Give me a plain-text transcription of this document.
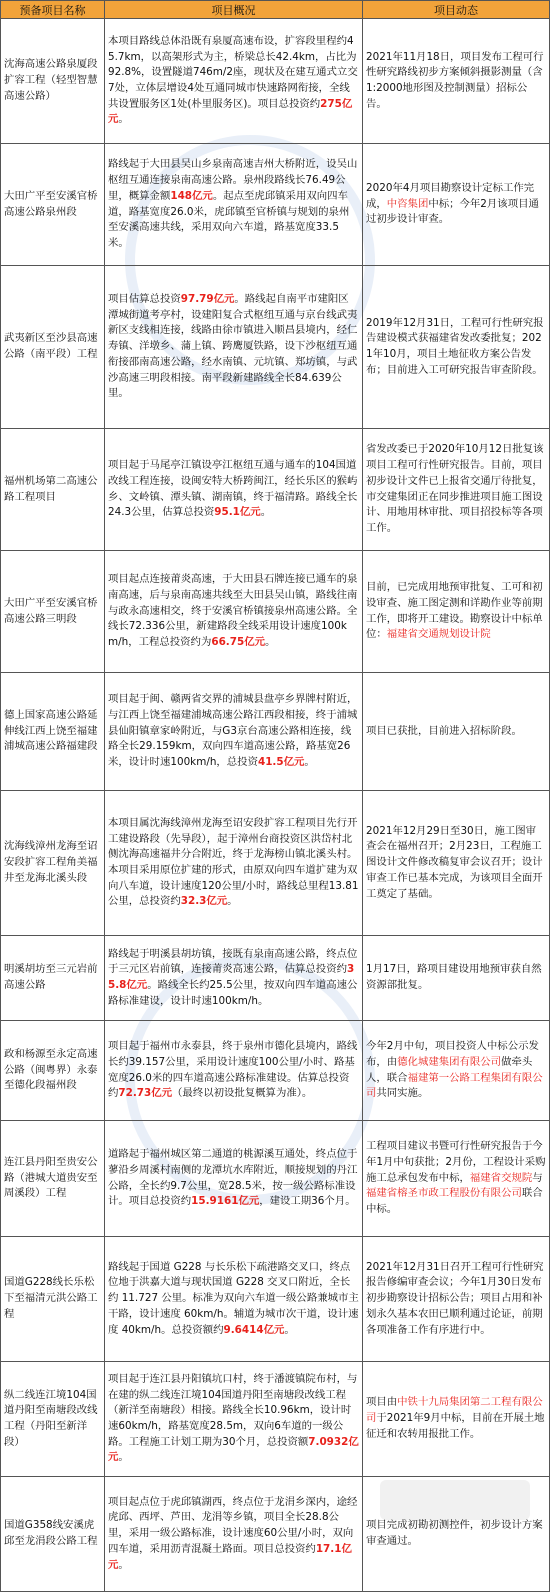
预备项目名称	项目概况	项目动态
沈海高速公路泉厦段扩容工程（轻型智慧高速公路）	本项目路线总体沿既有泉厦高速布设，扩容段里程约45.7km，以高架形式为主，桥梁总长42.4km，占比为92.8%，设置隧道746m/2座，现状及在建互通式立交7处，立体层增设4处互通同城市快速路网衔接，全线共设置服务区1处(朴里服务区)。项目总投资约275亿元。	2021年11月18日，项目发布工程可行性研究路线初步方案倾斜摄影测量（含1:2000地形图及控制测量）招标公告。
大田广平至安溪官桥高速公路泉州段	路线起于大田县吴山乡泉南高速吉州大桥附近，设吴山枢纽互通连接泉南高速公路。泉州段路线长76.49公里，概算金额148亿元。起点至虎邱镇采用双向四车道，路基宽度26.0米，虎邱镇至官桥镇与规划的泉州至安溪高速共线，采用双向六车道，路基宽度33.5米。	2020年4月项目勘察设计定标工作完成，中咨集团中标；今年2月该项目通过初步设计审查。
武夷新区至沙县高速公路（南平段）工程	项目估算总投资97.79亿元。路线起自南平市建阳区潭城街道考亭村，设建阳复合式枢纽互通与京台线武夷新区支线相连接，线路由徐市镇进入顺昌县境内，经仁寿镇、洋墩乡、蒲上镇、跨鹰厦铁路，设下沙枢纽互通衔接邵南高速公路，经水南镇、元坑镇、郑坊镇，与武沙高速三明段相接。南平段新建路线全长84.639公里。	2019年12月31日，工程可行性研究报告建设模式获福建省发改委批复；2021年10月，项目土地征收方案公告发布；目前进入工可研究报告审查阶段。
福州机场第二高速公路工程项目	项目起于马尾亭江镇设亭江枢纽互通与通车的104国道改线工程连接，设闽安特大桥跨闽江，经长乐区的猴屿乡、文岭镇、潭头镇、湖南镇，终于福清路。路线全长24.3公里，估算总投资95.1亿元。	省发改委已于2020年10月12日批复该项目工程可行性研究报告。目前，项目初步设计文件已上报省交通厅待批复，市交建集团正在同步推进项目施工图设计、用地用林审批、项目招投标等各项工作。
大田广平至安溪官桥高速公路三明段	项目起点连接莆炎高速，于大田县石牌连接已通车的泉南高速，后与泉南高速共线至大田县吴山镇，路线往南与政永高速相交，终于安溪官桥镇接泉州高速公路。全线长72.336公里，新建路段全线采用设计速度100km/h，工程总投资约为66.75亿元。	目前，已完成用地预审批复、工可和初设审查、施工图定测和详勘作业等前期工作，即将开工建设。勘察设计中标单位：福建省交通规划设计院
德上国家高速公路延伸线江西上饶至福建浦城高速公路福建段	项目起于闽、赣两省交界的浦城县盘亭乡界牌村附近，与江西上饶至福建浦城高速公路江西段相接，终于浦城县仙阳镇章家岭附近，与G3京台高速公路相连接，线路全长29.159km，双向四车道高速公路，路基宽26 米，设计时速100km/h，总投资41.5亿元。	项目已获批，目前进入招标阶段。
沈海线漳州龙海至诏安段扩容工程角美福井至龙海北溪头段	本项目属沈海线漳州龙海至诏安段扩容工程项目先行开工建设路段（先导段），起于漳州台商投资区洪岱村北侧沈海高速福井分合附近，终于龙海榜山镇北溪头村。本项目采用原位扩建的形式，由原双向四车道扩建为双向八车道，设计速度120公里/小时，路线总里程13.81公里，总投资约32.3亿元。	2021年12月29日至30日，施工图审查会在福州召开；2月23日，工程施工图设计文件修改稿复审会议召开；设计审查工作已基本完成，为该项目全面开工奠定了基础。
明溪胡坊至三元岩前高速公路	路线起于明溪县胡坊镇，接既有泉南高速公路，终点位于三元区岩前镇，连接莆炎高速公路，估算总投资约35.8亿元。路线全长约25.5公里，按双向四车道高速公路标准建设，设计时速100km/h。	1月17日，路项目建设用地预审获自然资源部批复。
政和杨源至永定高速公路（闽粤界）永泰至德化段福州段	项目起于福州市永泰县，终于泉州市德化县境内，路线长约39.157公里，采用设计速度100公里/小时、路基宽度26.0米的四车道高速公路标准建设。估算总投资约72.73亿元（最终以初设批复概算为准）。	今年2月中旬，项目投资人中标公示发布，由德化城建集团有限公司做牵头人，联合福建第一公路工程集团有限公司共同实施。
连江县丹阳至贵安公路（港城大道贵安至周溪段）工程	道路起于福州城区第二通道的桃源溪互通处，终点位于蓼沿乡周溪村南侧的龙潭坑水库附近，顺接规划的丹江公路，全长约9.7公里，宽28.5米，按一级公路标准设计。项目总投资约15.9161亿元，建设工期36个月。	工程项目建议书暨可行性研究报告于今年1月中旬获批；2月份，工程设计采购施工总承包发布中标，福建省交规院与福建省榕圣市政工程股份有限公司联合中标。
国道G228线长乐松下至福清元洪公路工程	路线起于国道 G228 与长乐松下疏港路交叉口，终点位地于洪嘉大道与现状国道 G228 交叉口附近，全长约 11.727 公里。标准为双向六车道一级公路兼城市主干路，设计速度 60km/h。辅道为城市次干道，设计速度 40km/h。总投资额约9.6414亿元。	2021年12月31日召开工程可行性研究报告修编审查会议；今年1月30日发布初步勘察设计招标公告；项目占用和补划永久基本农田已顺利通过论证，前期各项准备工作有序进行中。
纵二线连江境104国道丹阳至南塘段改线工程（丹阳至新洋段）	项目起于连江县丹阳镇坑口村，终于潘渡镇院布村，与在建的纵二线连江境104国道丹阳至南塘段改线工程（新洋至南塘段）相接。路线全长10.96km，设计时速60km/h，路基宽度28.5m，双向6车道的一级公路。工程施工计划工期为30个月，总投资额7.0932亿元。	项目由中铁十九局集团第二工程有限公司于2021年9月中标，目前在开展土地征迁和农转用报批工作。
国道G358线安溪虎邱至龙涓段公路工程	项目起点位于虎邱镇湖西，终点位于龙涓乡深内，途经虎邱、西坪、芦田、龙涓等乡镇，项目全长28.8公里，采用一级公路标准，设计速度60公里/小时，双向四车道，采用沥青混凝土路面。项目总投资约17.1亿元。	项目完成初勘初测控件，初步设计方案审查通过。
